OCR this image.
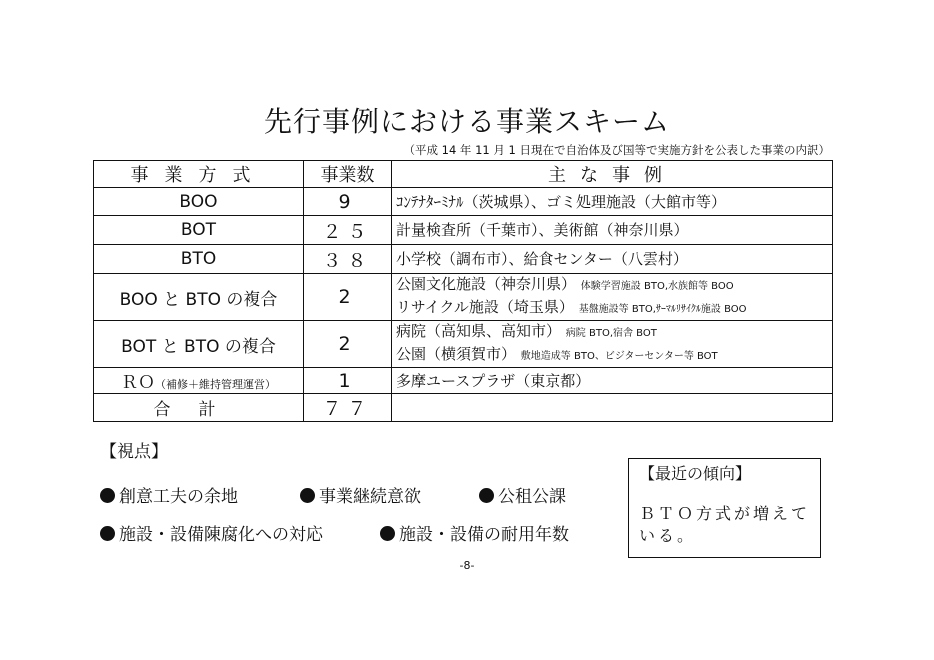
先行事例における事業スキーム
（平成 14 年 11 月 1 日現在で自治体及び国等で実施方針を公表した事業の内訳）
事業方式	事業数	主な事例
BOO	9	ｺﾝﾃﾅﾀｰﾐﾅﾙ（茨城県）、ゴミ処理施設（大館市等）
BOT	２５	計量検査所（千葉市）、美術館（神奈川県）
BTO	３８	小学校（調布市）、給食センター（八雲村）
BOO と BTO の複合	2	公園文化施設（神奈川県） 体験学習施設 BTO,水族館等 BOO
リサイクル施設（埼玉県） 基盤施設等 BTO,ｻｰﾏﾙﾘｻｲｸﾙ施設 BOO

BOT と BTO の複合	2	病院（高知県、高知市） 病院 BTO,宿舎 BOT
公園（横須賀市） 敷地造成等 BTO、ビジターセンター等 BOT

ＲＯ（補修＋維持管理運営）	1	多摩ユースプラザ（東京都）
合計	７７	
【視点】
創意工夫の余地	事業継続意欲	公租公課
施設・設備陳腐化への対応	施設・設備の耐用年数
【最近の傾向】
ＢＴＯ方式が増えている。
-8-
